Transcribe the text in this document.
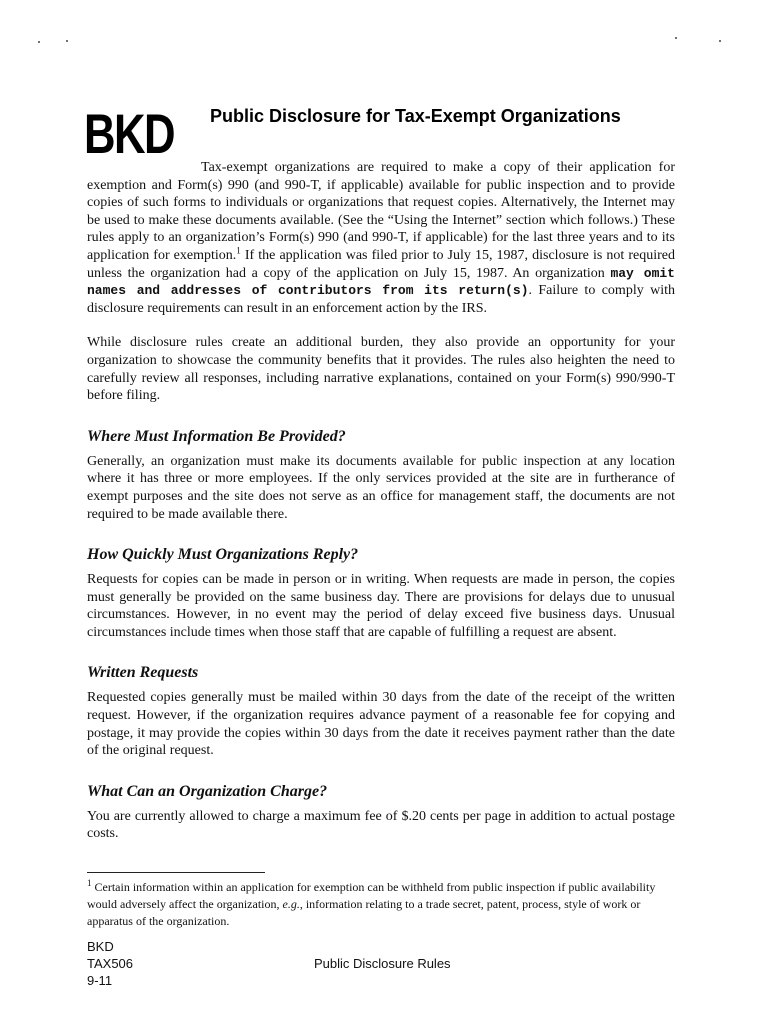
BKD Public Disclosure for Tax-Exempt Organizations

Tax-exempt organizations are required to make a copy of their application for exemption and Form(s) 990 (and 990-T, if applicable) available for public inspection and to provide copies of such forms to individuals or organizations that request copies. Alternatively, the Internet may be used to make these documents available. (See the “Using the Internet” section which follows.) These rules apply to an organization’s Form(s) 990 (and 990-T, if applicable) for the last three years and to its application for exemption.$^1$ If the application was filed prior to July 15, 1987, disclosure is not required unless the organization had a copy of the application on July 15, 1987. An organization may omit names and addresses of contributors from its return(s). Failure to comply with disclosure requirements can result in an enforcement action by the IRS.

While disclosure rules create an additional burden, they also provide an opportunity for your organization to showcase the community benefits that it provides. The rules also heighten the need to carefully review all responses, including narrative explanations, contained on your Form(s) 990/990-T before filing.

Where Must Information Be Provided?

Generally, an organization must make its documents available for public inspection at any location where it has three or more employees. If the only services provided at the site are in furtherance of exempt purposes and the site does not serve as an office for management staff, the documents are not required to be made available there.

How Quickly Must Organizations Reply?

Requests for copies can be made in person or in writing. When requests are made in person, the copies must generally be provided on the same business day. There are provisions for delays due to unusual circumstances. However, in no event may the period of delay exceed five business days. Unusual circumstances include times when those staff that are capable of fulfilling a request are absent.

Written Requests

Requested copies generally must be mailed within 30 days from the date of the receipt of the written request. However, if the organization requires advance payment of a reasonable fee for copying and postage, it may provide the copies within 30 days from the date it receives payment rather than the date of the original request.

What Can an Organization Charge?

You are currently allowed to charge a maximum fee of $.20 cents per page in addition to actual postage costs.

$^1$ Certain information within an application for exemption can be withheld from public inspection if public availability would adversely affect the organization, e.g., information relating to a trade secret, patent, process, style of work or apparatus of the organization.
BKD
TAX506
9-11
Public Disclosure Rules
